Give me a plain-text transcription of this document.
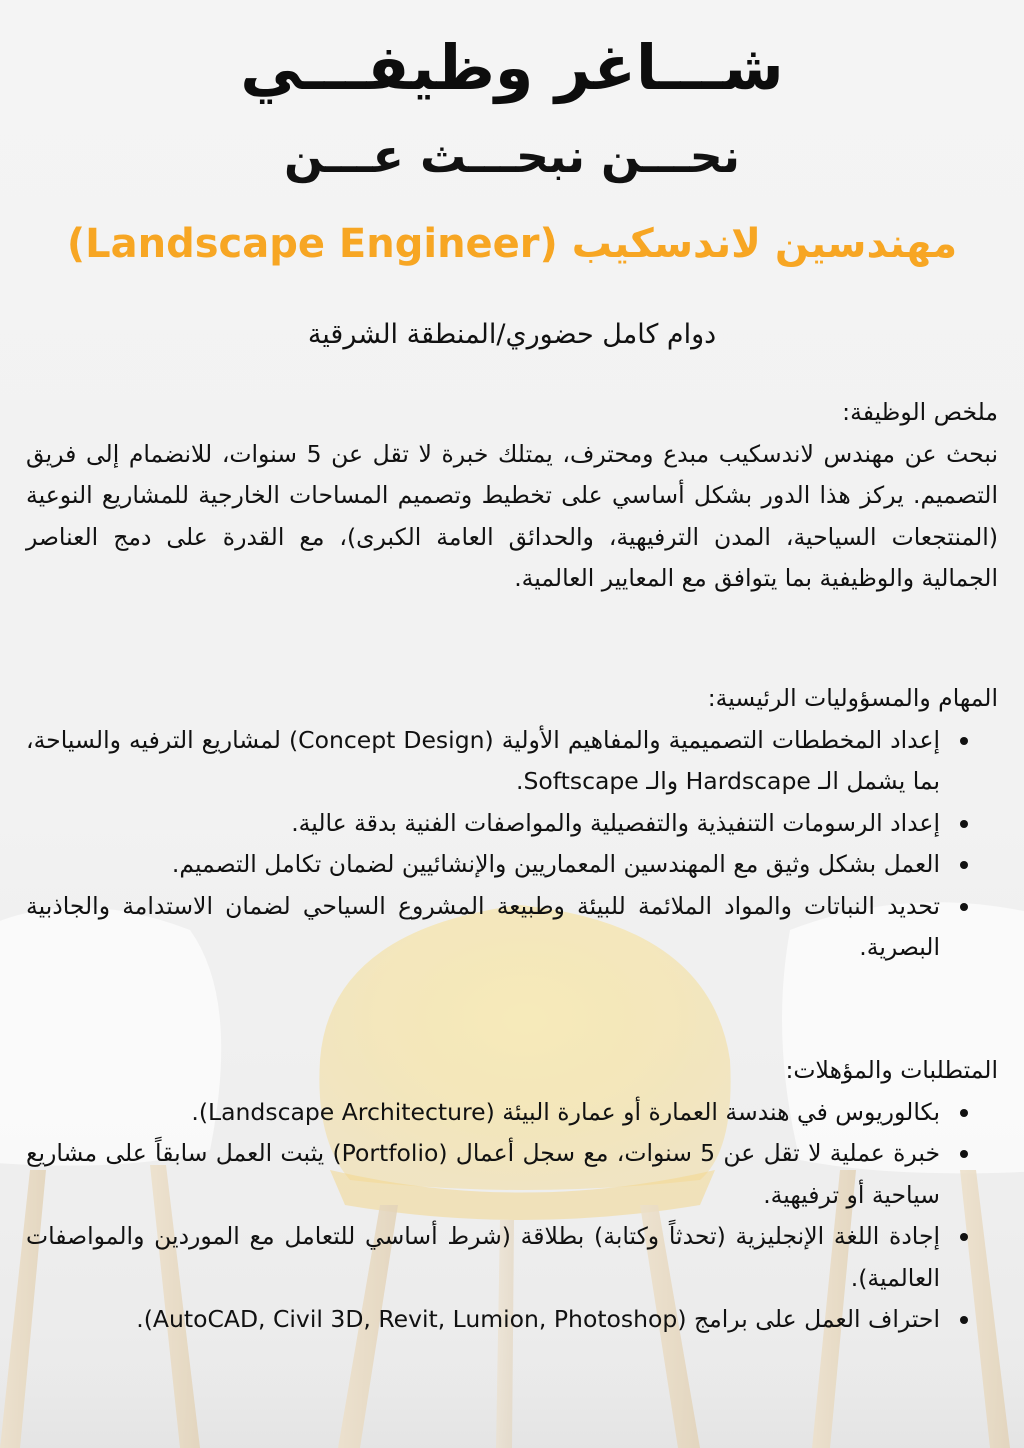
شـــاغر وظيفـــي
نحـــن نبحـــث عـــن
مهندسين لاندسكيب (Landscape Engineer)

دوام كامل حضوري/المنطقة الشرقية

ملخص الوظيفة:

نبحث عن مهندس لاندسكيب مبدع ومحترف، يمتلك خبرة لا تقل عن 5 سنوات، للانضمام إلى فريق التصميم. يركز هذا الدور بشكل أساسي على تخطيط وتصميم المساحات الخارجية للمشاريع النوعية (المنتجعات السياحية، المدن الترفيهية، والحدائق العامة الكبرى)، مع القدرة على دمج العناصر الجمالية والوظيفية بما يتوافق مع المعايير العالمية.

المهام والمسؤوليات الرئيسية:

إعداد المخططات التصميمية والمفاهيم الأولية (Concept Design) لمشاريع الترفيه والسياحة، بما يشمل الـ Hardscape والـ Softscape.
إعداد الرسومات التنفيذية والتفصيلية والمواصفات الفنية بدقة عالية.
العمل بشكل وثيق مع المهندسين المعماريين والإنشائيين لضمان تكامل التصميم.
تحديد النباتات والمواد الملائمة للبيئة وطبيعة المشروع السياحي لضمان الاستدامة والجاذبية البصرية.

المتطلبات والمؤهلات:

بكالوريوس في هندسة العمارة أو عمارة البيئة (Landscape Architecture).
خبرة عملية لا تقل عن 5 سنوات، مع سجل أعمال (Portfolio) يثبت العمل سابقاً على مشاريع سياحية أو ترفيهية.
إجادة اللغة الإنجليزية (تحدثاً وكتابة) بطلاقة (شرط أساسي للتعامل مع الموردين والمواصفات العالمية).
احتراف العمل على برامج (AutoCAD, Civil 3D, Revit, Lumion, Photoshop).
